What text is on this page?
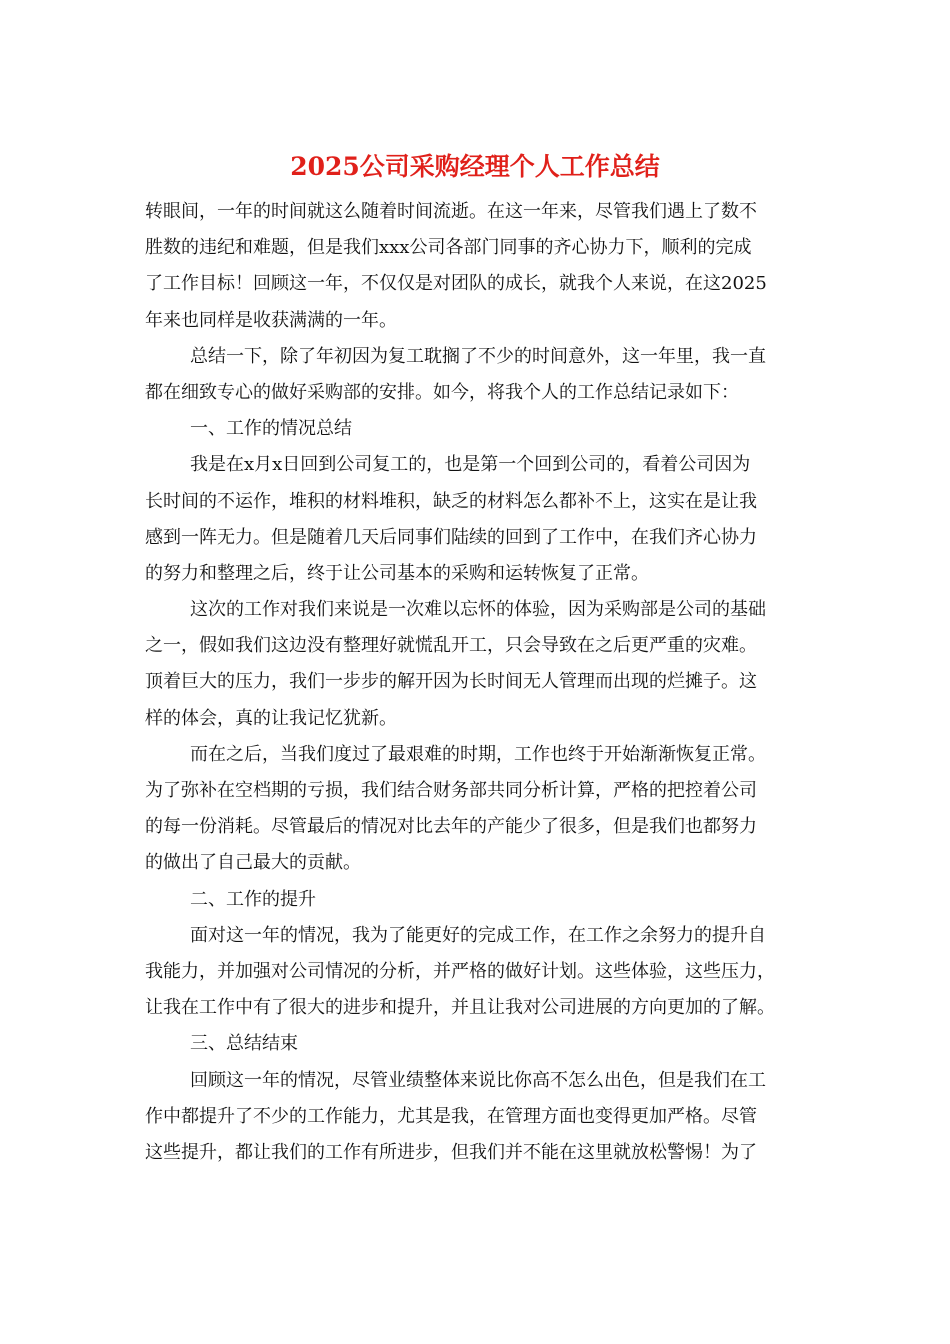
2025公司采购经理个人工作总结
转眼间，一年的时间就这么随着时间流逝。在这一年来，尽管我们遇上了数不
胜数的违纪和难题，但是我们xxx公司各部门同事的齐心协力下，顺利的完成
了工作目标！回顾这一年，不仅仅是对团队的成长，就我个人来说，在这2025
年来也同样是收获满满的一年。
总结一下，除了年初因为复工耽搁了不少的时间意外，这一年里，我一直
都在细致专心的做好采购部的安排。如今，将我个人的工作总结记录如下：
一、工作的情况总结
我是在x月x日回到公司复工的，也是第一个回到公司的，看着公司因为
长时间的不运作，堆积的材料堆积，缺乏的材料怎么都补不上，这实在是让我
感到一阵无力。但是随着几天后同事们陆续的回到了工作中，在我们齐心协力
的努力和整理之后，终于让公司基本的采购和运转恢复了正常。
这次的工作对我们来说是一次难以忘怀的体验，因为采购部是公司的基础
之一，假如我们这边没有整理好就慌乱开工，只会导致在之后更严重的灾难。
顶着巨大的压力，我们一步步的解开因为长时间无人管理而出现的烂摊子。这
样的体会，真的让我记忆犹新。
而在之后，当我们度过了最艰难的时期，工作也终于开始渐渐恢复正常。
为了弥补在空档期的亏损，我们结合财务部共同分析计算，严格的把控着公司
的每一份消耗。尽管最后的情况对比去年的产能少了很多，但是我们也都努力
的做出了自己最大的贡献。
二、工作的提升
面对这一年的情况，我为了能更好的完成工作，在工作之余努力的提升自
我能力，并加强对公司情况的分析，并严格的做好计划。这些体验，这些压力，
让我在工作中有了很大的进步和提升，并且让我对公司进展的方向更加的了解。
三、总结结束
回顾这一年的情况，尽管业绩整体来说比你高不怎么出色，但是我们在工
作中都提升了不少的工作能力，尤其是我，在管理方面也变得更加严格。尽管
这些提升，都让我们的工作有所进步，但我们并不能在这里就放松警惕！为了
